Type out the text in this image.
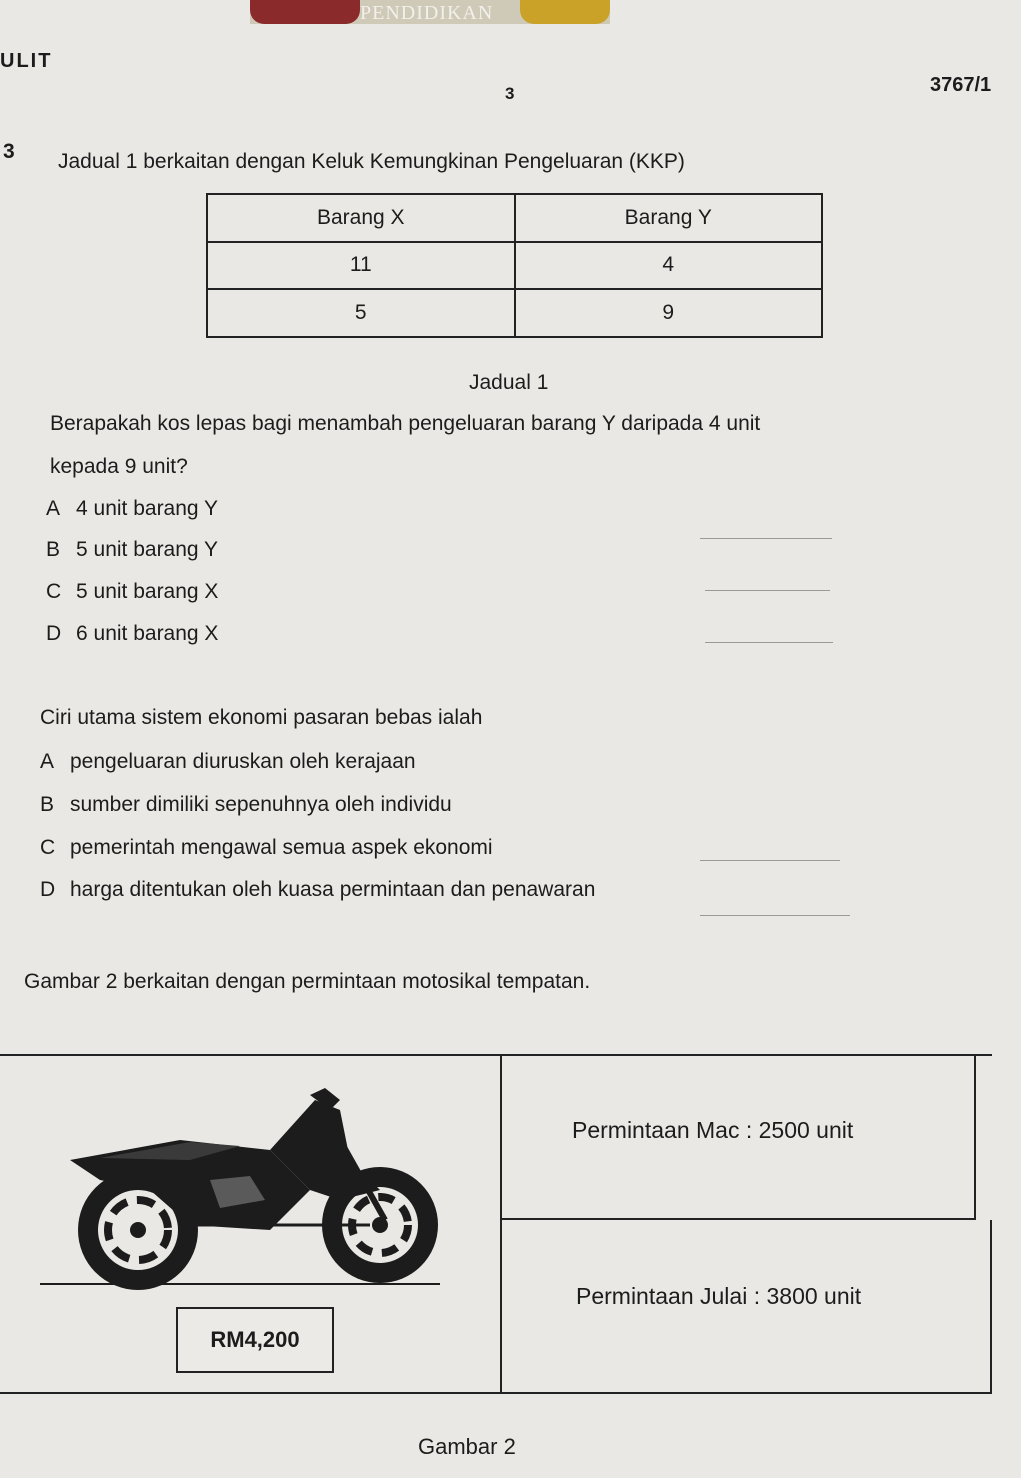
PENDIDIKAN
ULIT
3	3767/1
3 Jadual 1 berkaitan dengan Keluk Kemungkinan Pengeluaran (KKP)
Barang X	Barang Y
11	4
5	9
Jadual 1
Berapakah kos lepas bagi menambah pengeluaran barang Y daripada 4 unit
kepada 9 unit?
A 4 unit barang Y
B 5 unit barang Y
C 5 unit barang X
D 6 unit barang X
Ciri utama sistem ekonomi pasaran bebas ialah
A pengeluaran diuruskan oleh kerajaan
B sumber dimiliki sepenuhnya oleh individu
C pemerintah mengawal semua aspek ekonomi
D harga ditentukan oleh kuasa permintaan dan penawaran
Gambar 2 berkaitan dengan permintaan motosikal tempatan.
RM4,200
Permintaan Mac : 2500 unit
Permintaan Julai : 3800 unit
Gambar 2
